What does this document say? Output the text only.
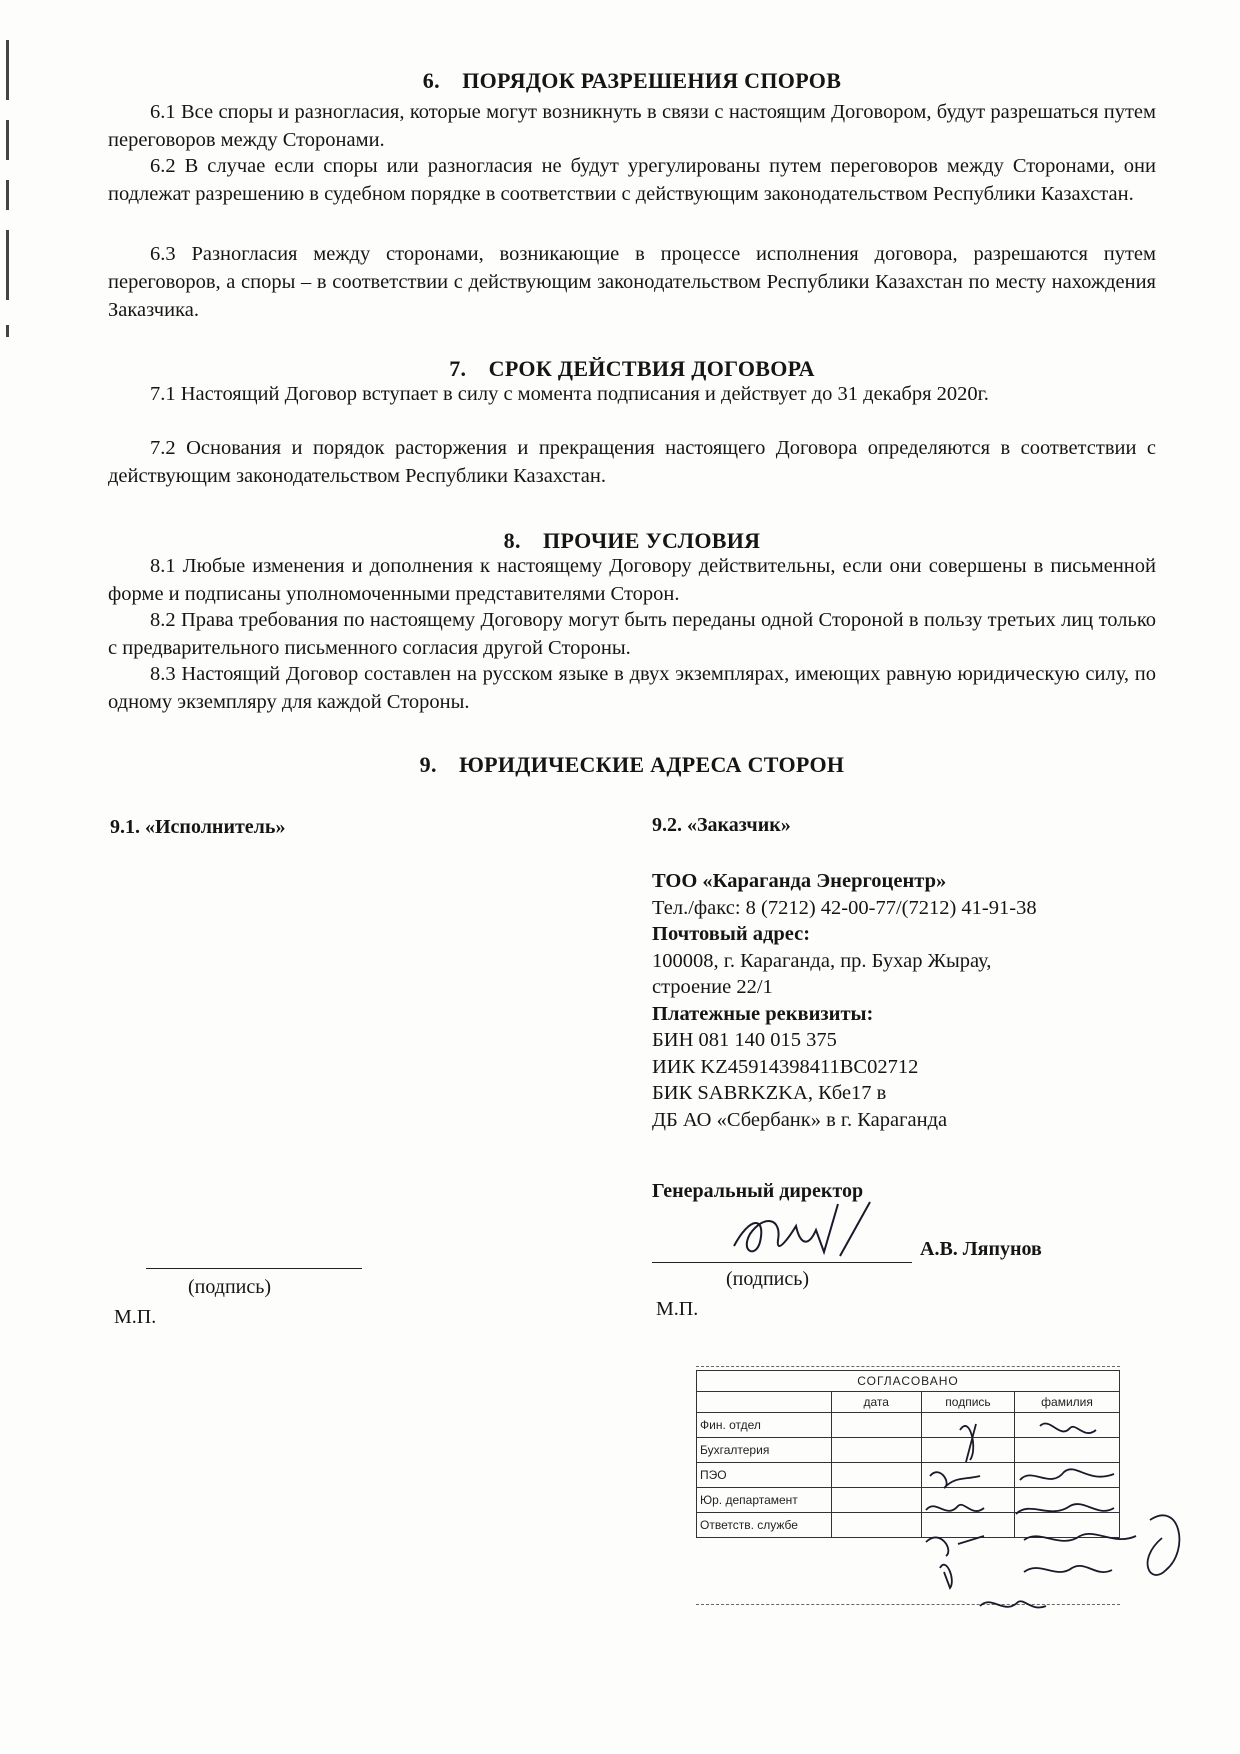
6. ПОРЯДОК РАЗРЕШЕНИЯ СПОРОВ
6.1 Все споры и разногласия, которые могут возникнуть в связи с настоящим Договором, будут разрешаться путем переговоров между Сторонами.
6.2 В случае если споры или разногласия не будут урегулированы путем переговоров между Сторонами, они подлежат разрешению в судебном порядке в соответствии с действующим законодательством Республики Казахстан.
6.3 Разногласия между сторонами, возникающие в процессе исполнения договора, разрешаются путем переговоров, а споры – в соответствии с действующим законодательством Республики Казахстан по месту нахождения Заказчика.
7. СРОК ДЕЙСТВИЯ ДОГОВОРА
7.1 Настоящий Договор вступает в силу с момента подписания и действует до 31 декабря 2020г.
7.2 Основания и порядок расторжения и прекращения настоящего Договора определяются в соответствии с действующим законодательством Республики Казахстан.
8. ПРОЧИЕ УСЛОВИЯ
8.1 Любые изменения и дополнения к настоящему Договору действительны, если они совершены в письменной форме и подписаны уполномоченными представителями Сторон.
8.2 Права требования по настоящему Договору могут быть переданы одной Стороной в пользу третьих лиц только с предварительного письменного согласия другой Стороны.
8.3 Настоящий Договор составлен на русском языке в двух экземплярах, имеющих равную юридическую силу, по одному экземпляру для каждой Стороны.
9. ЮРИДИЧЕСКИЕ АДРЕСА СТОРОН
9.1. «Исполнитель»	9.2. «Заказчик»
ТОО «Караганда Энергоцентр»
Тел./факс: 8 (7212) 42-00-77/(7212) 41-91-38
Почтовый адрес:
100008, г. Караганда, пр. Бухар Жырау,
строение 22/1
Платежные реквизиты:
БИН 081 140 015 375
ИИК KZ45914398411BC02712
БИК SABRKZKA, Кбе17 в
ДБ АО «Сбербанк» в г. Караганда
Генеральный директор
(подпись)
М.П.
А.В. Ляпунов
(подпись)
М.П.
СОГЛАСОВАНО			
	дата	подпись	фамилия
Фин. отдел			
Бухгалтерия			
ПЭО			
Юр. департамент			
Ответств. службе			
